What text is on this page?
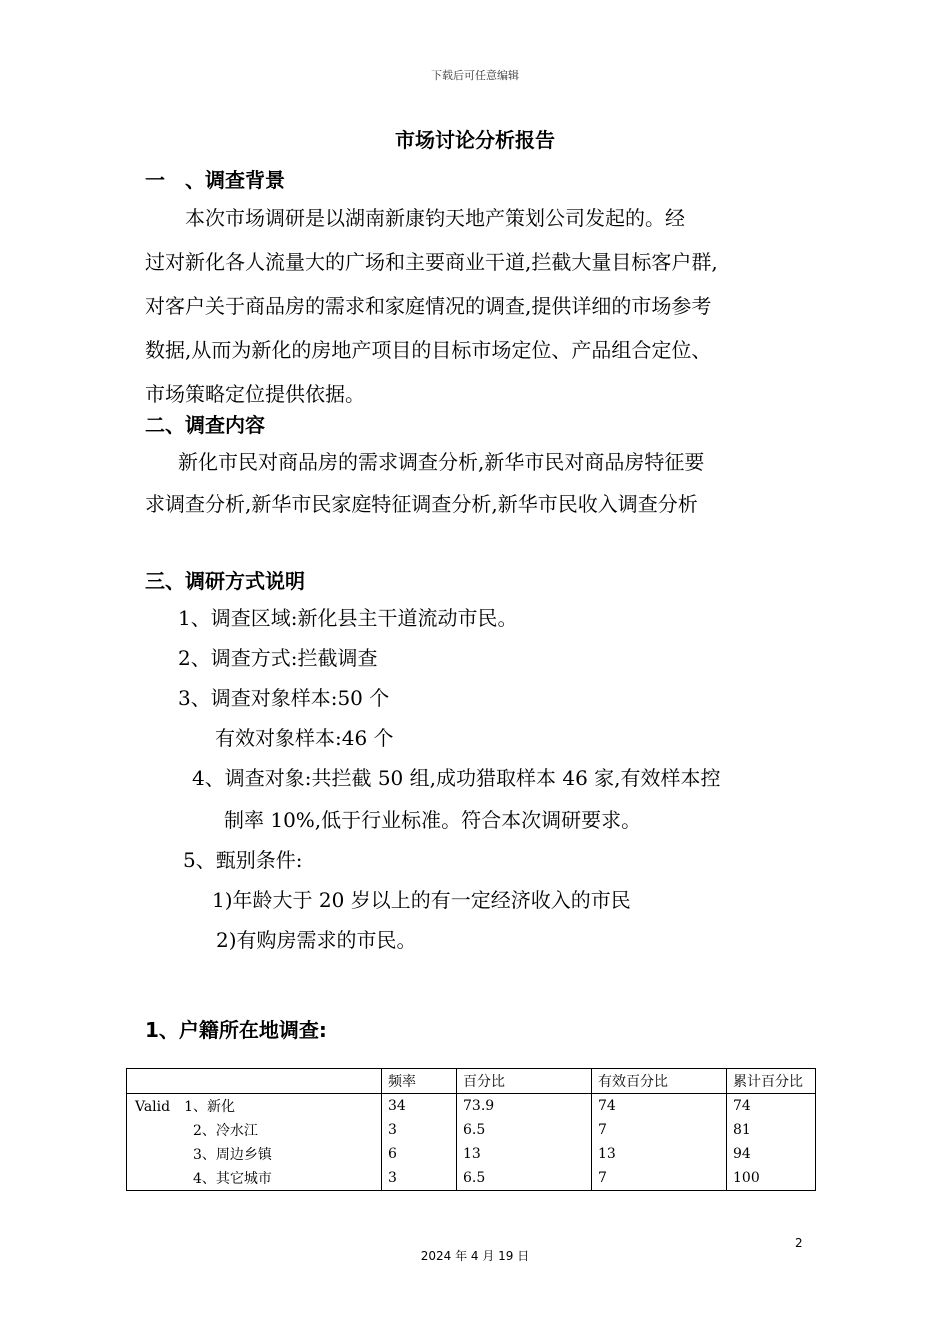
下载后可任意编辑
市场讨论分析报告
一　、调查背景
　　本次市场调研是以湖南新康钧天地产策划公司发起的。经
过对新化各人流量大的广场和主要商业干道,拦截大量目标客户群,
对客户关于商品房的需求和家庭情况的调查,提供详细的市场参考
数据,从而为新化的房地产项目的目标市场定位、产品组合定位、
市场策略定位提供依据。
二、调查内容
新化市民对商品房的需求调查分析,新华市民对商品房特征要
求调查分析,新华市民家庭特征调查分析,新华市民收入调查分析
三、调研方式说明
1、调查区域:新化县主干道流动市民。
2、调查方式:拦截调查
3、调查对象样本:50 个
有效对象样本:46 个
4、调查对象:共拦截 50 组,成功猎取样本 46 家,有效样本控
制率 10%,低于行业标准。符合本次调研要求。
5、甄别条件:
1)年龄大于 20 岁以上的有一定经济收入的市民
2)有购房需求的市民。
1、户籍所在地调查:
	频率	百分比	有效百分比	累计百分比
Valid　1、新化	34	73.9	74	74
2、冷水江	3	6.5	7	81
3、周边乡镇	6	13	13	94
4、其它城市	3	6.5	7	100
2
2024 年 4 月 19 日
